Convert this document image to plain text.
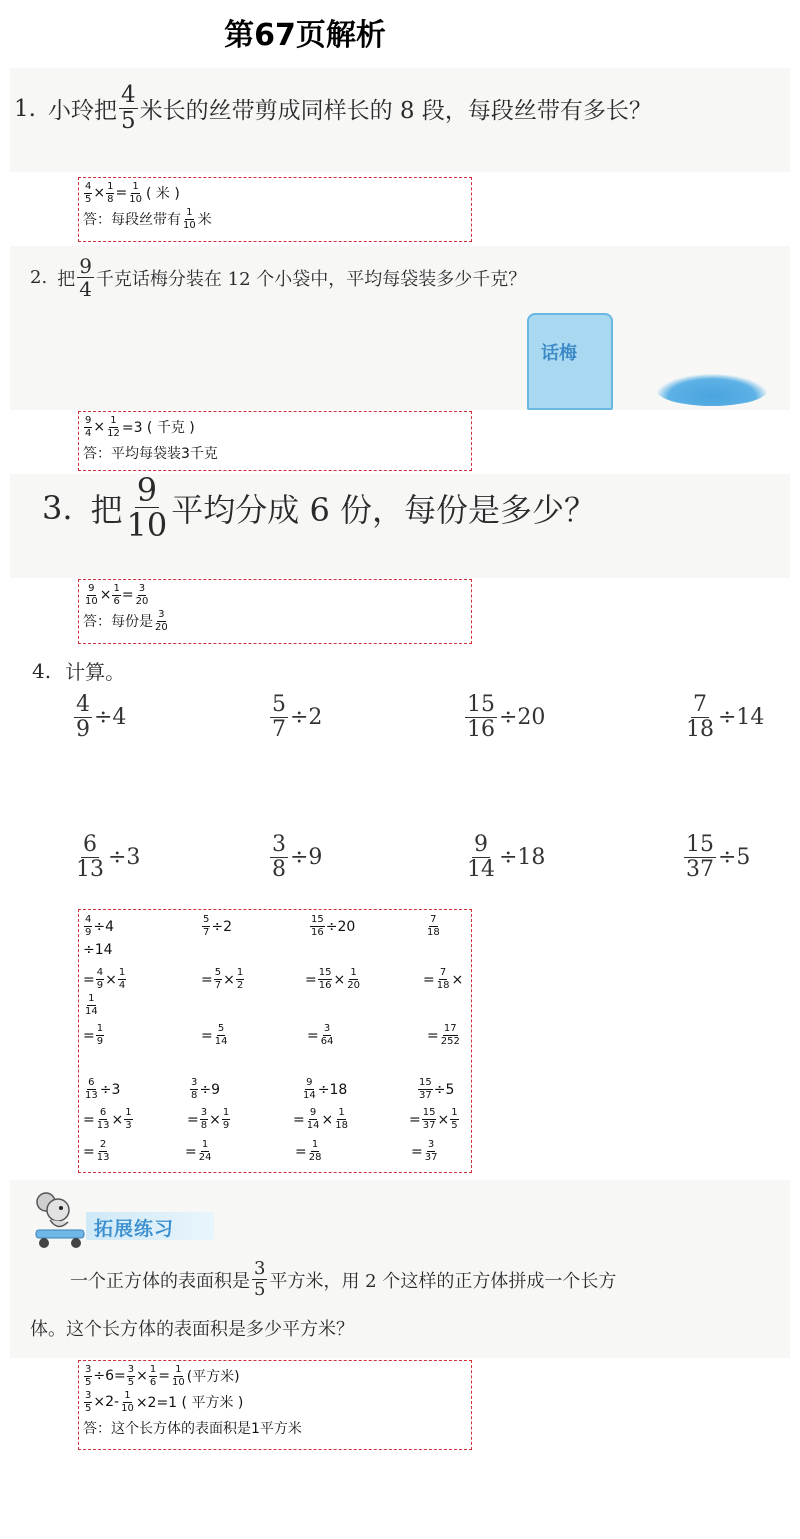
第67页解析
1. 小玲把 $\frac{4}{5}$ 米长的丝带剪成同样长的 8 段，每段丝带有多长？
$\frac{4}{5} \times \frac{1}{8} = \frac{1}{10}$ ( 米 )
答：每段丝带有 $\frac{1}{10}$ 米
2. 把 $\frac{9}{4}$ 千克话梅分装在 12 个小袋中，平均每袋装多少千克？
话梅
$\frac{9}{4} \times \frac{1}{12} =3$ ( 千克 )
答：平均每袋装3千克
3. 把 $\frac{9}{10}$ 平均分成 6 份，每份是多少？
$\frac{9}{10} \times \frac{1}{6} = \frac{3}{20}$
答：每份是 $\frac{3}{20}$
4. 计算。
$\frac{4}{9} \div 4$	$\frac{5}{7} \div 2$	$\frac{15}{16} \div 20$	$\frac{7}{18} \div 14$
$\frac{6}{13} \div 3$	$\frac{3}{8} \div 9$	$\frac{9}{14} \div 18$	$\frac{15}{37} \div 5$
$\frac{4}{9} \div 4$	$\frac{5}{7} \div 2$	$\frac{15}{16} \div 20$	$\frac{7}{18}$
÷14
= $\frac{4}{9} \times \frac{1}{4}$	= $\frac{5}{7} \times \frac{1}{2}$	= $\frac{15}{16} \times \frac{1}{20}$	= $\frac{7}{18}$ ×
$\frac{1}{14}$
= $\frac{1}{9}$	= $\frac{5}{14}$	= $\frac{3}{64}$	= $\frac{17}{252}$
$\frac{6}{13} \div 3$	$\frac{3}{8} \div 9$	$\frac{9}{14} \div 18$	$\frac{15}{37} \div 5$
= $\frac{6}{13} \times \frac{1}{3}$	= $\frac{3}{8} \times \frac{1}{9}$	= $\frac{9}{14} \times \frac{1}{18}$	= $\frac{15}{37} \times \frac{1}{5}$
= $\frac{2}{13}$	= $\frac{1}{24}$	= $\frac{1}{28}$	= $\frac{3}{37}$
拓展练习
一个正方体的表面积是 $\frac{3}{5}$ 平方米，用 2 个这样的正方体拼成一个长方
体。这个长方体的表面积是多少平方米？
$\frac{3}{5} \div 6= \frac{3}{5} \times \frac{1}{6} = \frac{1}{10}$ (平方米)
$\frac{3}{5} \times 2- \frac{1}{10} \times 2=1$ ( 平方米 )
答：这个长方体的表面积是1平方米
